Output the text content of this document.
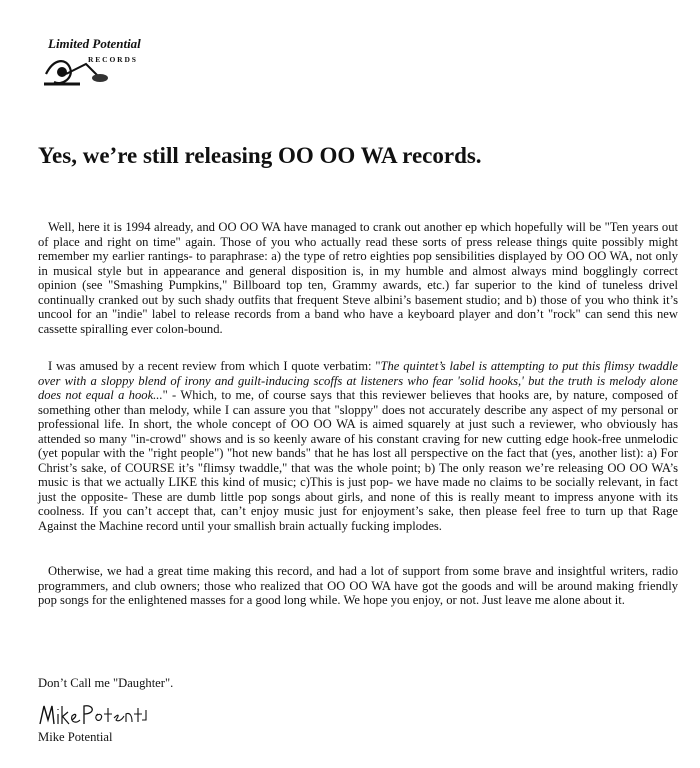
Limited Potential
R E C O R D S
Yes, we’re still releasing OO OO WA records.

Well, here it is 1994 already, and OO OO WA have managed to crank out another ep which hopefully will be "Ten years out of place and right on time" again. Those of you who actually read these sorts of press release things quite possibly might remember my earlier rantings- to paraphrase: a) the type of retro eighties pop sensibilities displayed by OO OO WA, not only in musical style but in appearance and general disposition is, in my humble and almost always mind bogglingly correct opinion (see "Smashing Pumpkins," Billboard top ten, Grammy awards, etc.) far superior to the kind of tuneless drivel continually cranked out by such shady outfits that frequent Steve albini’s basement studio; and b) those of you who think it’s uncool for an "indie" label to release records from a band who have a keyboard player and don’t "rock" can send this new cassette spiralling ever colon-bound.

I was amused by a recent review from which I quote verbatim: "The quintet’s label is attempting to put this flimsy twaddle over with a sloppy blend of irony and guilt-inducing scoffs at listeners who fear 'solid hooks,' but the truth is melody alone does not equal a hook..." - Which, to me, of course says that this reviewer believes that hooks are, by nature, composed of something other than melody, while I can assure you that "sloppy" does not accurately describe any aspect of my personal or professional life. In short, the whole concept of OO OO WA is aimed squarely at just such a reviewer, who obviously has attended so many "in-crowd" shows and is so keenly aware of his constant craving for new cutting edge hook-free unmelodic (yet popular with the "right people") "hot new bands" that he has lost all perspective on the fact that (yes, another list): a) For Christ’s sake, of COURSE it’s "flimsy twaddle," that was the whole point; b) The only reason we’re releasing OO OO WA’s music is that we actually LIKE this kind of music; c)This is just pop- we have made no claims to be socially relevant, in fact just the opposite- These are dumb little pop songs about girls, and none of this is really meant to impress anyone with its coolness. If you can’t accept that, can’t enjoy music just for enjoyment’s sake, then please feel free to turn up that Rage Against the Machine record until your smallish brain actually fucking implodes.

Otherwise, we had a great time making this record, and had a lot of support from some brave and insightful writers, radio programmers, and club owners; those who realized that OO OO WA have got the goods and will be around making friendly pop songs for the enlightened masses for a good long while. We hope you enjoy, or not. Just leave me alone about it.

Don’t Call me "Daughter".

Mike Potential
